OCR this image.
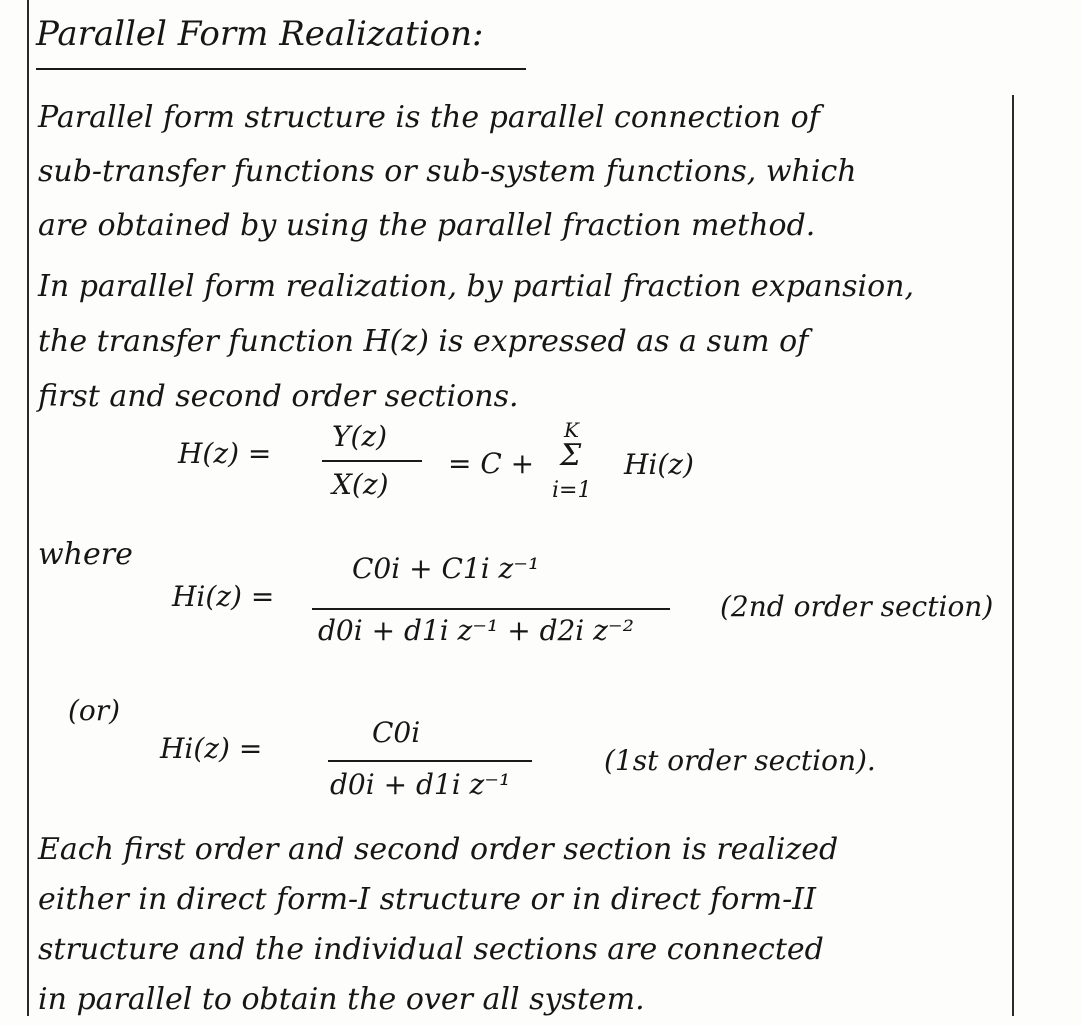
Parallel Form Realization:
Parallel form structure is the parallel connection of
sub-transfer functions or sub-system functions, which
are obtained by using the parallel fraction method.
In parallel form realization, by partial fraction expansion,
the transfer function H(z) is expressed as a sum of
first and second order sections.
H(z) =
Y(z)
X(z)
= C +
K
Σ
i=1
Hi(z)
where
Hi(z) =
C0i + C1i z⁻¹
d0i + d1i z⁻¹ + d2i z⁻²
(2nd order section)
(or)
Hi(z) =	C0i
d0i + d1i z⁻¹
(1st order section).
Each first order and second order section is realized
either in direct form-I structure or in direct form-II
structure and the individual sections are connected
in parallel to obtain the over all system.
